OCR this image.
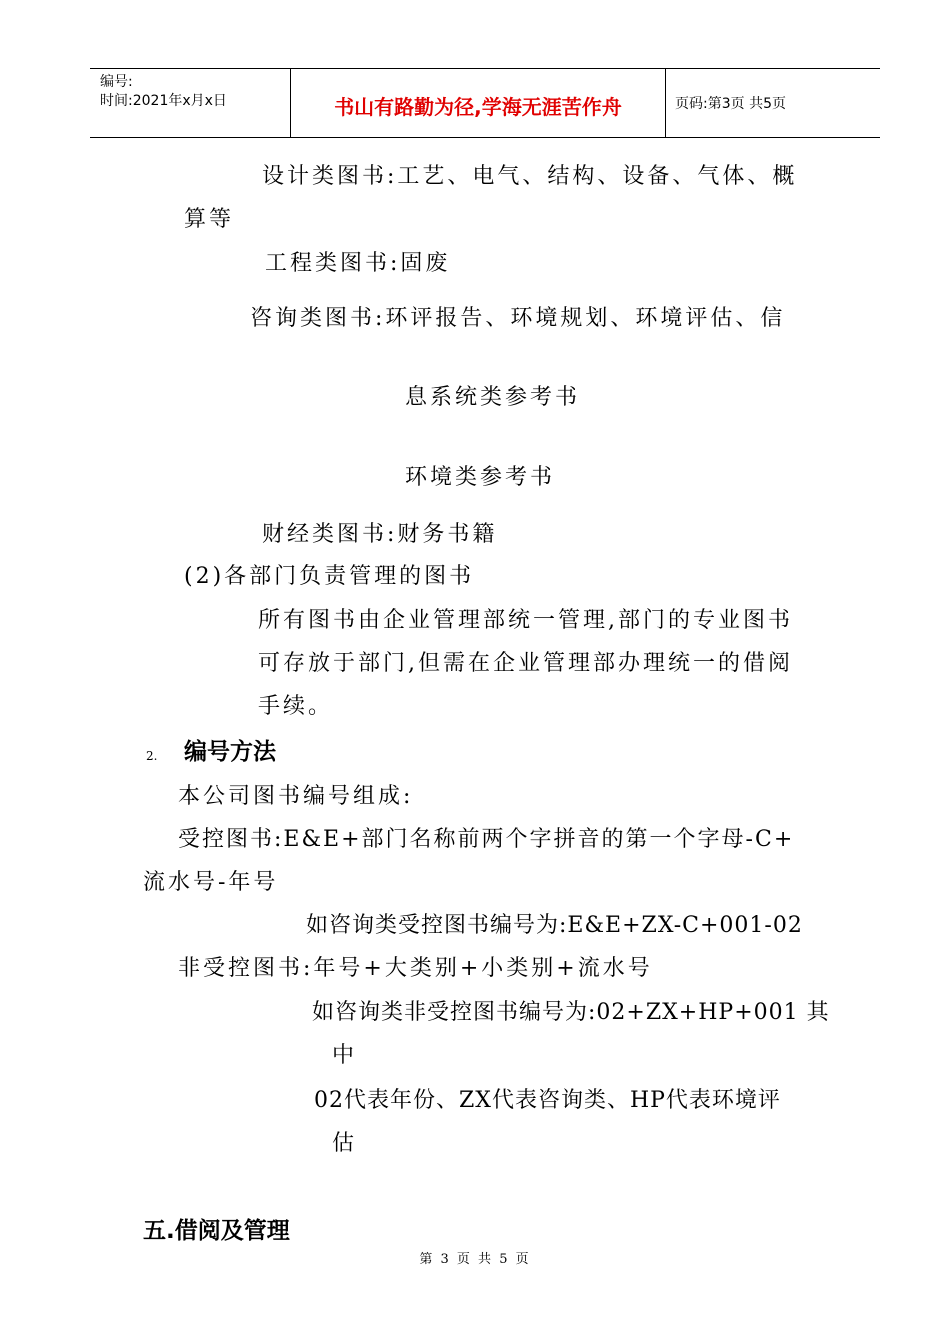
编号:
时间:2021年x月x日	书山有路勤为径,学海无涯苦作舟	页码:第3页 共5页
设计类图书:工艺、电气、结构、设备、气体、概
算等
工程类图书:固废
咨询类图书:环评报告、环境规划、环境评估、信
息系统类参考书
环境类参考书
财经类图书:财务书籍
(2)各部门负责管理的图书
所有图书由企业管理部统一管理,部门的专业图书
可存放于部门,但需在企业管理部办理统一的借阅
手续。
2. 编号方法
本公司图书编号组成:
受控图书:E&E+部门名称前两个字拼音的第一个字母-C+
流水号-年号
如咨询类受控图书编号为:E&E+ZX-C+001-02
非受控图书:年号+大类别+小类别+流水号
如咨询类非受控图书编号为:02+ZX+HP+001 其
中
02代表年份、ZX代表咨询类、HP代表环境评
估
五.借阅及管理
第 3 页 共 5 页
